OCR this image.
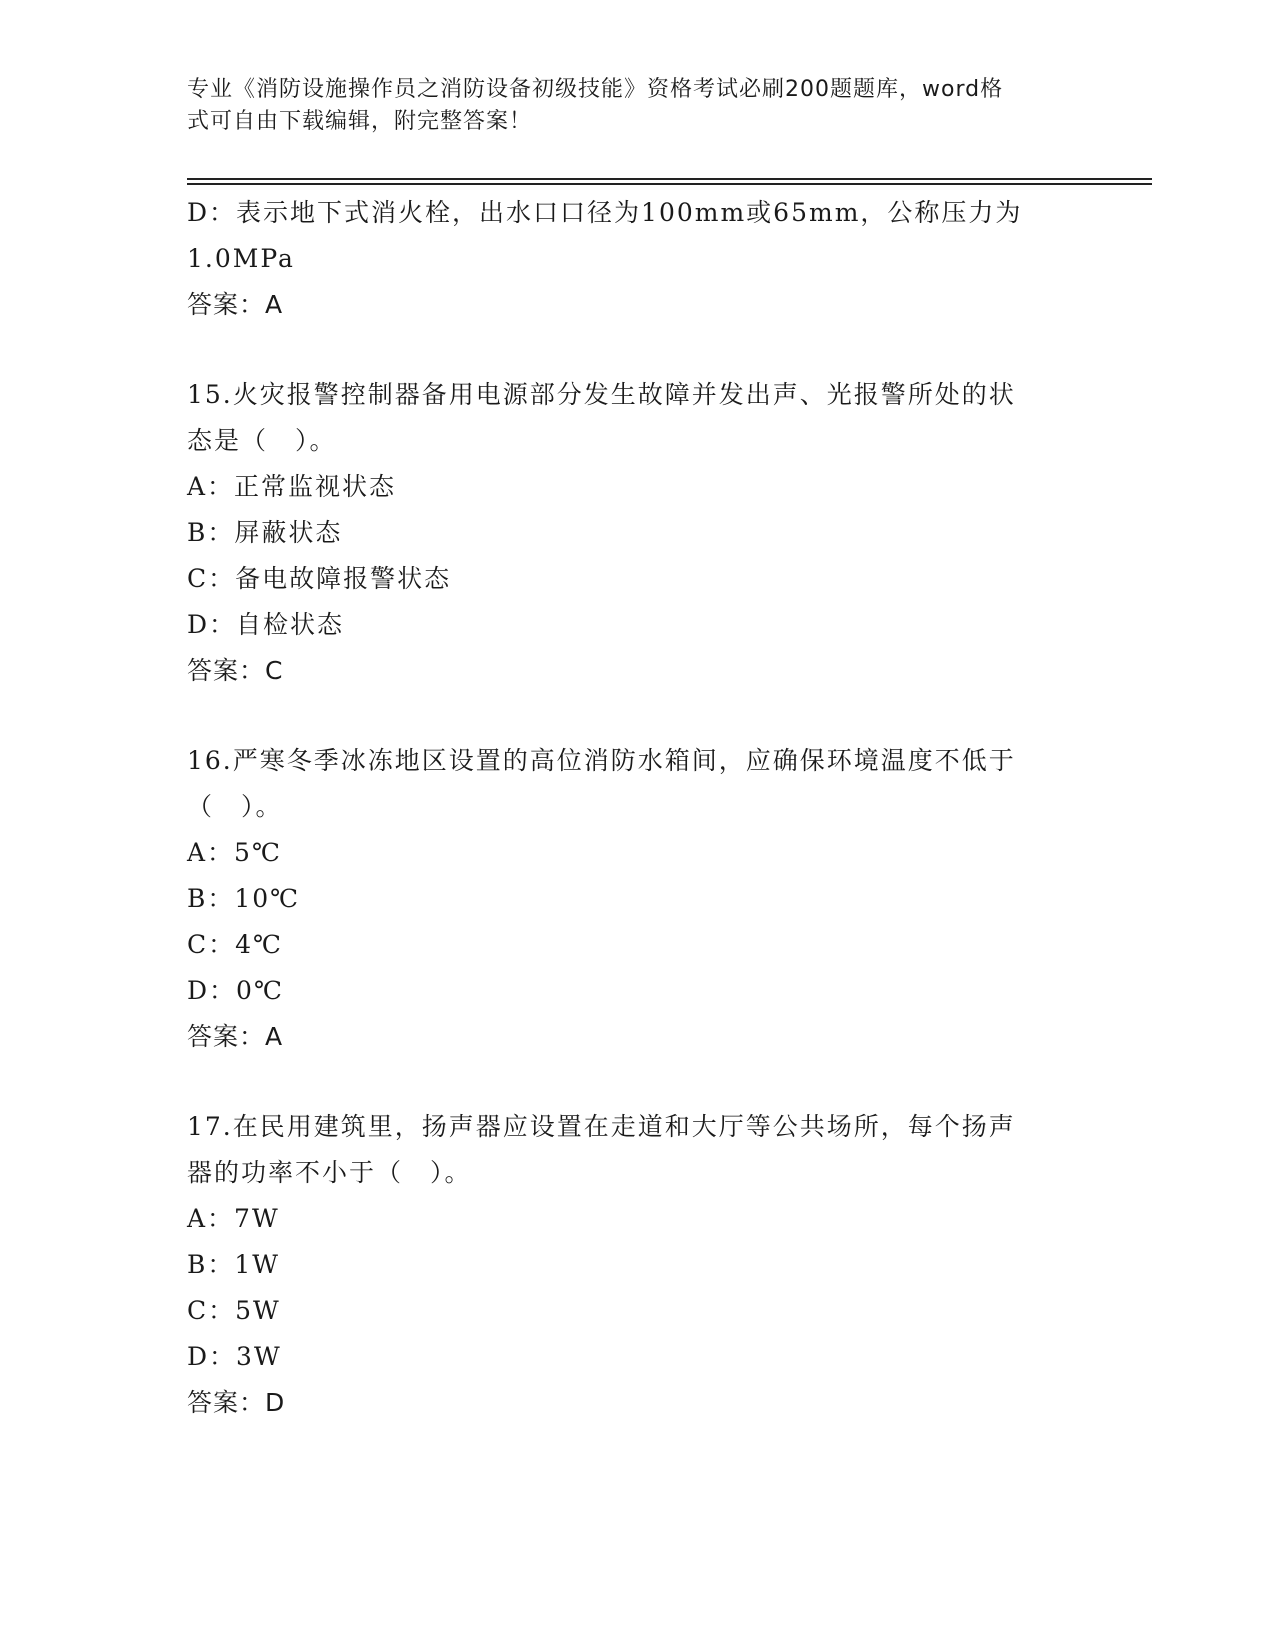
专业《消防设施操作员之消防设备初级技能》资格考试必刷200题题库，word格
式可自由下载编辑，附完整答案！
D：表示地下式消火栓，出水口口径为100mm或65mm，公称压力为
1.0MPa
答案：A
15.火灾报警控制器备用电源部分发生故障并发出声、光报警所处的状
态是（　）。
A：正常监视状态
B：屏蔽状态
C：备电故障报警状态
D：自检状态
答案：C
16.严寒冬季冰冻地区设置的高位消防水箱间，应确保环境温度不低于
（　）。
A：5℃
B：10℃
C：4℃
D：0℃
答案：A
17.在民用建筑里，扬声器应设置在走道和大厅等公共场所，每个扬声
器的功率不小于（　）。
A：7W
B：1W
C：5W
D：3W
答案：D
